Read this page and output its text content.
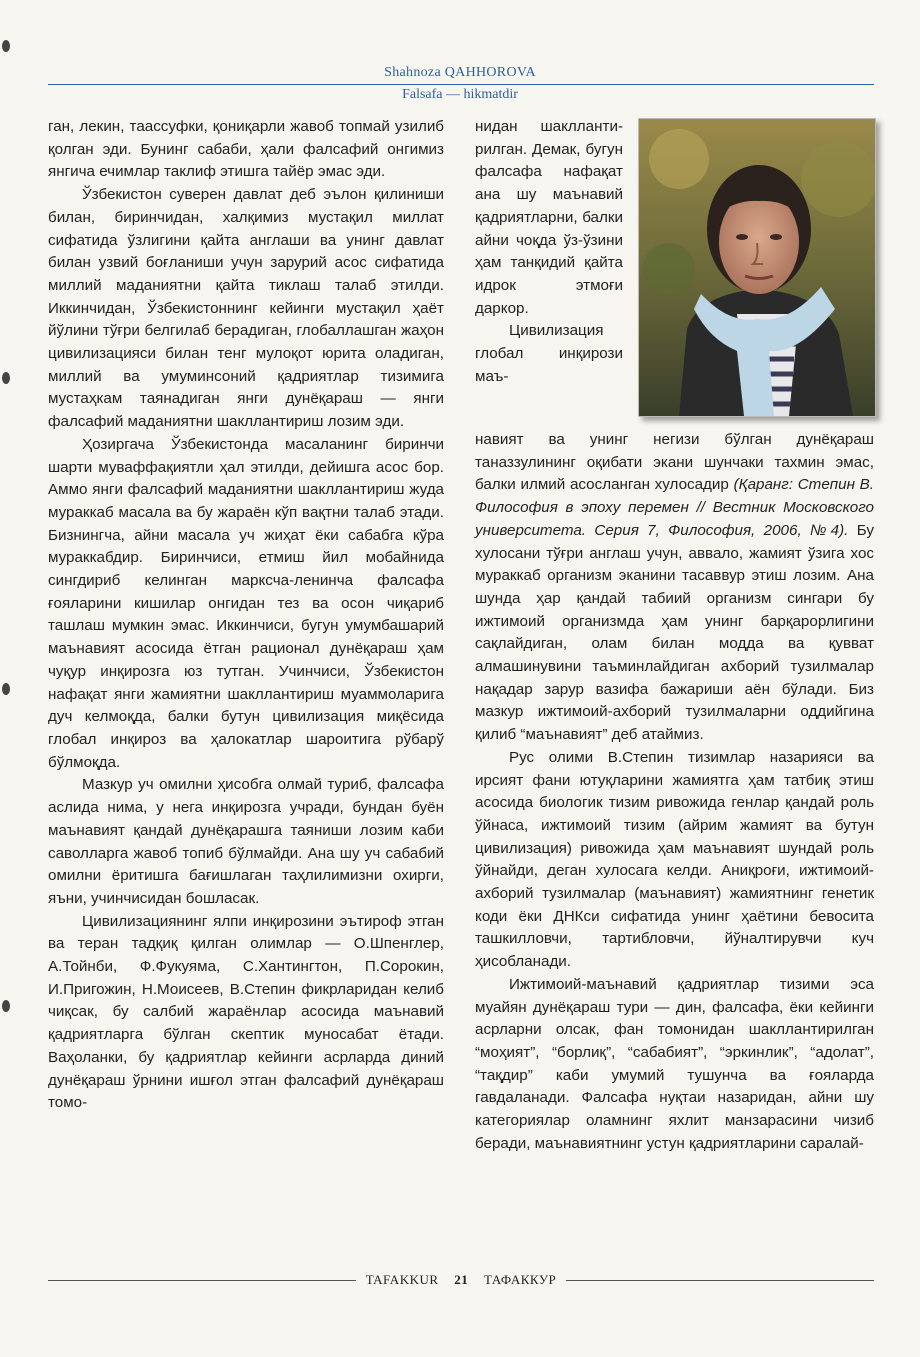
Shahnoza QAHHOROVA
Falsafa — hikmatdir

ган, лекин, таассуфки, қониқарли жавоб топмай узилиб қолган эди. Бунинг сабаби, ҳали фалсафий онгимиз янгича ечимлар таклиф этишга тайёр эмас эди.

Ўзбекистон суверен давлат деб эълон қилиниши билан, биринчидан, халқимиз мустақил миллат сифатида ўзлигини қайта англаши ва унинг давлат билан узвий боғланиши учун зарурий асос сифатида миллий маданиятни қайта тиклаш талаб этилди. Иккинчидан, Ўзбекистоннинг кейинги мустақил ҳаёт йўлини тўғри белгилаб берадиган, глобаллашган жаҳон цивилизацияси билан тенг мулоқот юрита оладиган, миллий ва умуминсоний қадриятлар тизимига мустаҳкам таянадиган янги дунёқараш — янги фалсафий маданиятни шакллантириш лозим эди.

Ҳозиргача Ўзбекистонда масаланинг биринчи шарти муваффақиятли ҳал этилди, дейишга асос бор. Аммо янги фалсафий маданиятни шакллантириш жуда мураккаб масала ва бу жараён кўп вақтни талаб этади. Бизнингча, айни масала уч жиҳат ёки сабабга кўра мураккабдир. Биринчиси, етмиш йил мобайнида сингдириб келинган марксча-ленинча фалсафа ғояларини кишилар онгидан тез ва осон чиқариб ташлаш мумкин эмас. Иккинчиси, бугун умумбашарий маънавият асосида ётган рационал дунёқараш ҳам чуқур инқирозга юз тутган. Учинчиси, Ўзбекистон нафақат янги жамиятни шакллантириш муаммоларига дуч келмоқда, балки бутун цивилизация миқёсида глобал инқироз ва ҳалокатлар шароитига рўбарў бўлмоқда.

Мазкур уч омилни ҳисобга олмай туриб, фалсафа аслида нима, у нега инқирозга учради, бундан буён маънавият қандай дунёқарашга таяниши лозим каби саволларга жавоб топиб бўлмайди. Ана шу уч сабабий омилни ёритишга бағишлаган таҳлилимизни охирги, яъни, учинчисидан бошласак.

Цивилизациянинг ялпи инқирозини эътироф этган ва теран тадқиқ қилган олимлар — О.Шпенглер, А.Тойнби, Ф.Фукуяма, С.Хантингтон, П.Сорокин, И.Пригожин, Н.Моисеев, В.Степин фикрларидан келиб чиқсак, бу салбий жараёнлар асосида маънавий қадриятларга бўлган скептик муносабат ётади. Ваҳоланки, бу қадриятлар кейинги асрларда диний дунёқараш ўрнини ишғол этган фалсафий дунёқараш томо-

нидан шакллантирилган. Демак, бугун фалсафа нафақат ана шу маънавий қадриятларни, балки айни чоқда ўз-ўзини ҳам танқидий қайта идрок этмоғи даркор.

Цивилизация глобал инқирози маъ-

навият ва унинг негизи бўлган дунёқараш таназзулининг оқибати экани шунчаки тахмин эмас, балки илмий асосланган хулосадир (Қаранг: Степин В. Философия в эпоху перемен // Вестник Московского университета. Серия 7, Философия, 2006, №4). Бу хулосани тўғри англаш учун, аввало, жамият ўзига хос мураккаб организм эканини тасаввур этиш лозим. Ана шунда ҳар қандай табиий организм сингари бу ижтимоий организмда ҳам унинг барқарорлигини сақлайдиган, олам билан модда ва қувват алмашинувини таъминлайдиган ахборий тузилмалар нақадар зарур вазифа бажариши аён бўлади. Биз мазкур ижтимоий-ахборий тузилмаларни оддийгина қилиб “маънавият” деб атаймиз.

Рус олими В.Степин тизимлар назарияси ва ирсият фани ютуқларини жамиятга ҳам татбиқ этиш асосида биологик тизим ривожида генлар қандай роль ўйнаса, ижтимоий тизим (айрим жамият ва бутун цивилизация) ривожида ҳам маънавият шундай роль ўйнайди, деган хулосага келди. Аниқроғи, ижтимоий-ахборий тузилмалар (маънавият) жамиятнинг генетик коди ёки ДНКси сифатида унинг ҳаётини бевосита ташкилловчи, тартибловчи, йўналтирувчи куч ҳисобланади.

Ижтимоий-маънавий қадриятлар тизими эса муайян дунёқараш тури — дин, фалсафа, ёки кейинги асрларни олсак, фан томонидан шакллантирилган “моҳият”, “борлиқ”, “сабабият”, “эркинлик”, “адолат”, “тақдир” каби умумий тушунча ва ғояларда гавдаланади. Фалсафа нуқтаи назаридан, айни шу категориялар оламнинг яхлит манзарасини чизиб беради, маънавиятнинг устун қадриятларини саралай-

TAFAKKUR 21 ТАФАККУР
